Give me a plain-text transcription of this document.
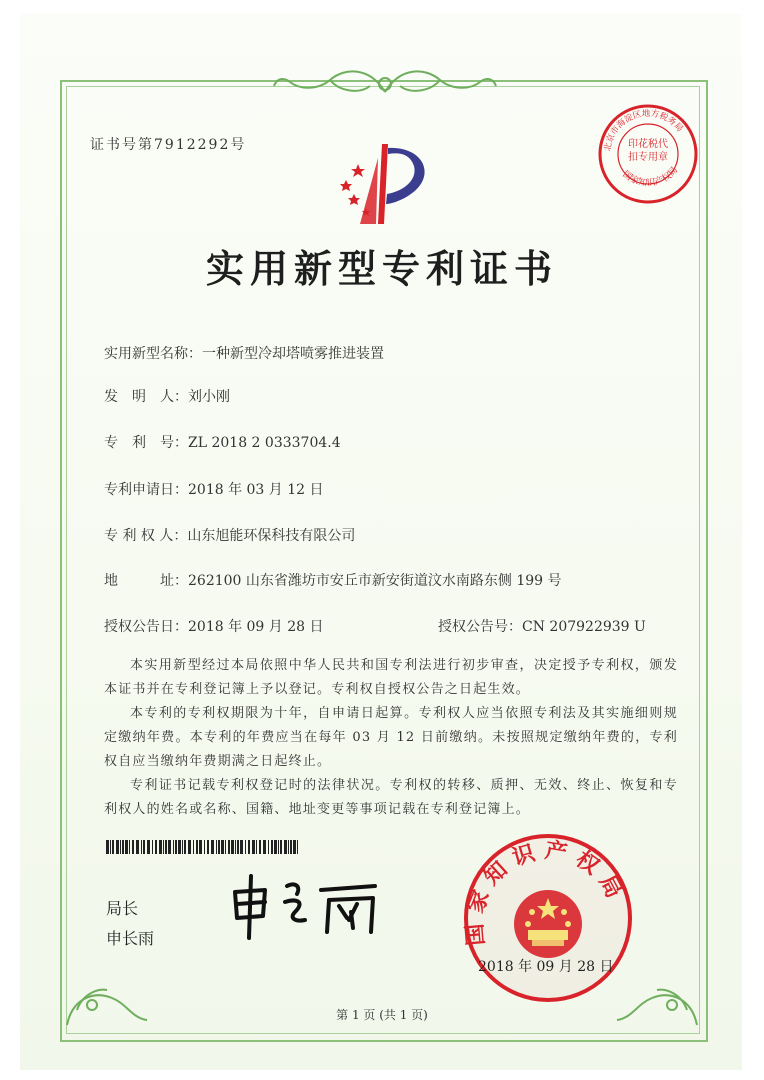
证书号第7912292号	北京市海淀区地方税务局
国家知识产权局
印花税代扣专用章
实用新型专利证书
实用新型名称：一种新型冷却塔喷雾推进装置
发　明　人：刘小刚
专　利　号：ZL 2018 2 0333704.4
专利申请日：2018 年 03 月 12 日
专 利 权 人：山东旭能环保科技有限公司
地　　　址：262100 山东省潍坊市安丘市新安街道汶水南路东侧 199 号
授权公告日：2018 年 09 月 28 日	授权公告号：CN 207922939 U
本实用新型经过本局依照中华人民共和国专利法进行初步审查，决定授予专利权，颁发本证书并在专利登记簿上予以登记。专利权自授权公告之日起生效。
本专利的专利权期限为十年，自申请日起算。专利权人应当依照专利法及其实施细则规定缴纳年费。本专利的年费应当在每年 03 月 12 日前缴纳。未按照规定缴纳年费的，专利权自应当缴纳年费期满之日起终止。
专利证书记载专利权登记时的法律状况。专利权的转移、质押、无效、终止、恢复和专利权人的姓名或名称、国籍、地址变更等事项记载在专利登记簿上。
局长
申长雨	国家知识产权局
2018 年 09 月 28 日
第 1 页 (共 1 页)
